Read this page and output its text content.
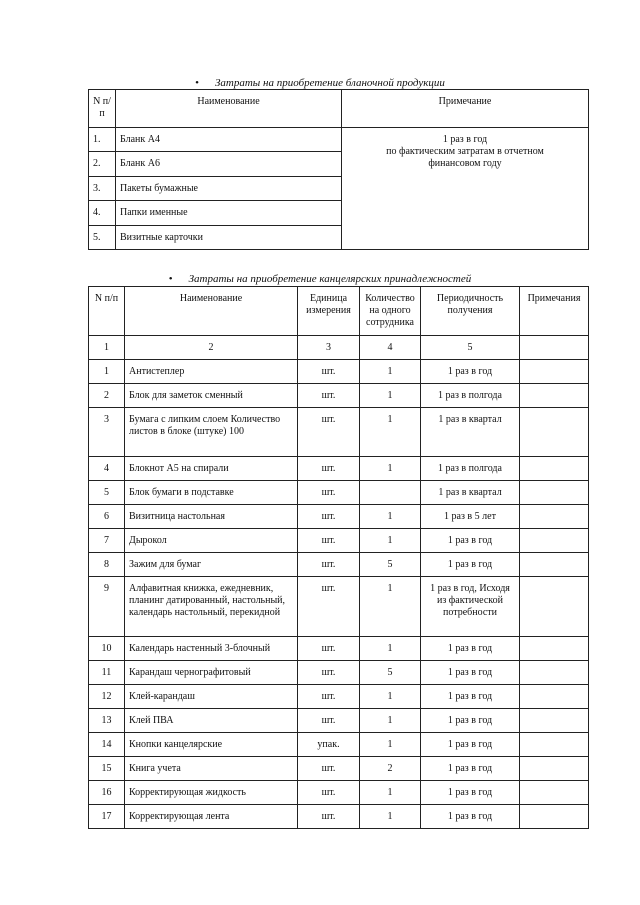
• Затраты на приобретение бланочной продукции
N п/п	Наименование	Примечание
1.	Бланк А4	1 раз в год
по фактическим затратам в отчетном финансовом году
2.	Бланк А6	
3.	Пакеты бумажные	
4.	Папки именные	
5.	Визитные карточки	
• Затраты на приобретение канцелярских принадлежностей
N п/п	Наименование	Единица измерения	Количество на одного сотрудника	Периодичность получения	Примечания
1	2	3	4	5	
1	Антистеплер	шт.	1	1 раз в год	
2	Блок для заметок сменный	шт.	1	1 раз в полгода	
3	Бумага с липким слоем Количество листов в блоке (штуке) 100	шт.	1	1 раз в квартал	
4	Блокнот А5 на спирали	шт.	1	1 раз в полгода	
5	Блок бумаги в подставке	шт.		1 раз в квартал	
6	Визитница настольная	шт.	1	1 раз в 5 лет	
7	Дырокол	шт.	1	1 раз в год	
8	Зажим для бумаг	шт.	5	1 раз в год	
9	Алфавитная книжка, ежедневник, планинг датированный, настольный, календарь настольный, перекидной	шт.	1	1 раз в год, Исходя из фактической потребности	
10	Календарь настенный 3-блочный	шт.	1	1 раз в год	
11	Карандаш чернографитовый	шт.	5	1 раз в год	
12	Клей-карандаш	шт.	1	1 раз в год	
13	Клей ПВА	шт.	1	1 раз в год	
14	Кнопки канцелярские	упак.	1	1 раз в год	
15	Книга учета	шт.	2	1 раз в год	
16	Корректирующая жидкость	шт.	1	1 раз в год	
17	Корректирующая лента	шт.	1	1 раз в год	
